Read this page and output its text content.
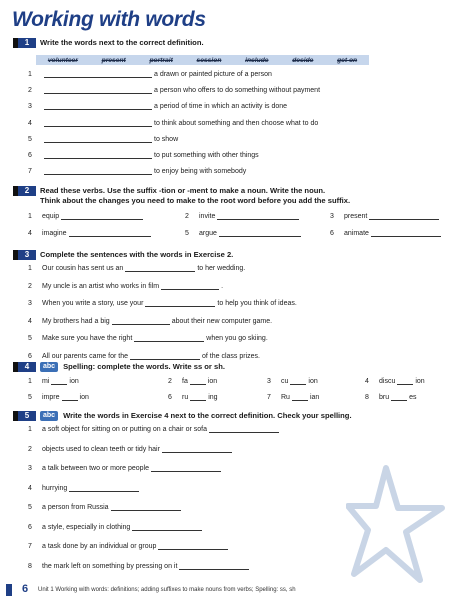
Working with words
1	Write the words next to the correct definition.
volunteer	present	portrait	session	include	decide	get on
1	a drawn or painted picture of a person
2	a person who offers to do something without payment
3	a period of time in which an activity is done
4	to think about something and then choose what to do
5	to show
6	to put something with other things
7	to enjoy being with somebody
2	Read these verbs. Use the suffix -tion or -ment to make a noun. Write the noun.
Think about the changes you need to make to the root word before you add the suffix.
1	equip	2	invite	3	present
4	imagine	5	argue	6	animate
3	Complete the sentences with the words in Exercise 2.
1	Our cousin has sent us an	to her wedding.
2	My uncle is an artist who works in film	.
3	When you write a story, use your	to help you think of ideas.
4	My brothers had a big	about their new computer game.
5	Make sure you have the right	when you go skiing.
6	All our parents came for the	of the class prizes.
4	abc	Spelling: complete the words. Write ss or sh.
1	mi	ion	2	fa	ion	3	cu	ion	4	discu	ion
5	impre	ion	6	ru	ing	7	Ru	ian	8	bru	es
5	abc	Write the words in Exercise 4 next to the correct definition. Check your spelling.
1	a soft object for sitting on or putting on a chair or sofa
2	objects used to clean teeth or tidy hair
3	a talk between two or more people
4	hurrying
5	a person from Russia
6	a style, especially in clothing
7	a task done by an individual or group
8	the mark left on something by pressing on it
6 Unit 1 Working with words: definitions; adding suffixes to make nouns from verbs; Spelling: ss, sh
